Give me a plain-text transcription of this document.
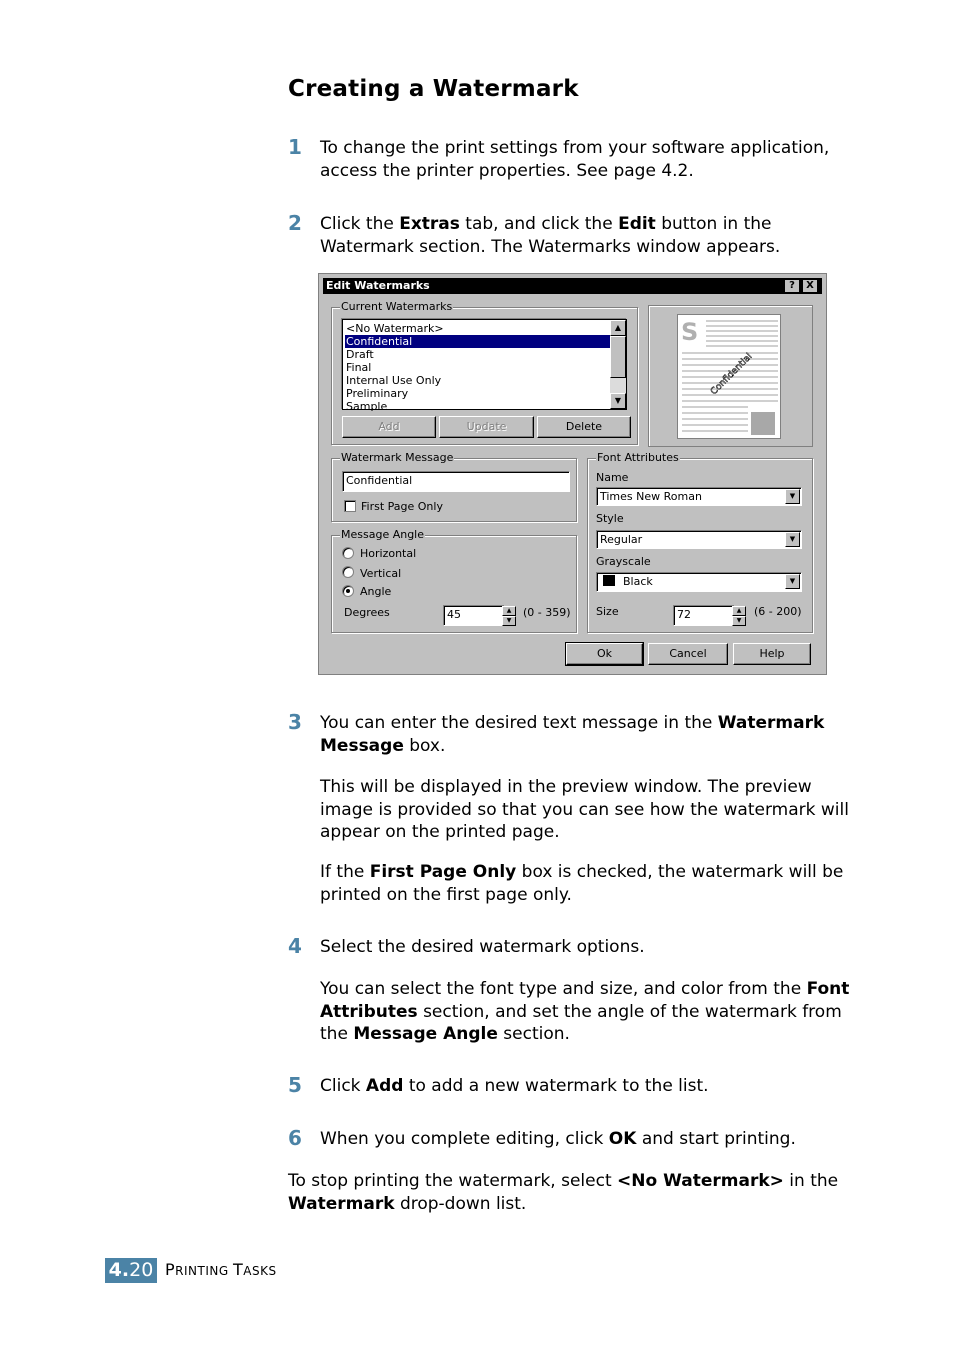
Creating a Watermark
1 To change the print settings from your software application, access the printer properties. See page 4.2.

2 Click the Extras tab, and click the Edit button in the Watermark section. The Watermarks window appears.

Edit Watermarks	?	X
Current Watermarks
<No Watermark>
Confidential
Draft
Final
Internal Use Only
Preliminary
Sample
▲
▼
Add	Update	Delete
S
Confidential
Watermark Message
Confidential
First Page Only
Message Angle
Horizontal
Vertical
Angle
Degrees	45	▲
▼
(0 - 359)
Font Attributes
Name
Times New Roman	▼
Style
Regular	▼
Grayscale
Black	▼
Size	72	▲
▼
(6 - 200)
Ok	Cancel	Help
3 You can enter the desired text message in the Watermark Message box.

This will be displayed in the preview window. The preview image is provided so that you can see how the watermark will appear on the printed page.

If the First Page Only box is checked, the watermark will be printed on the first page only.

4 Select the desired watermark options.

You can select the font type and size, and color from the Font Attributes section, and set the angle of the watermark from the Message Angle section.

5 Click Add to add a new watermark to the list.

6 When you complete editing, click OK and start printing.

To stop printing the watermark, select <No Watermark> in the Watermark drop-down list.

4.20 PRINTING TASKS
